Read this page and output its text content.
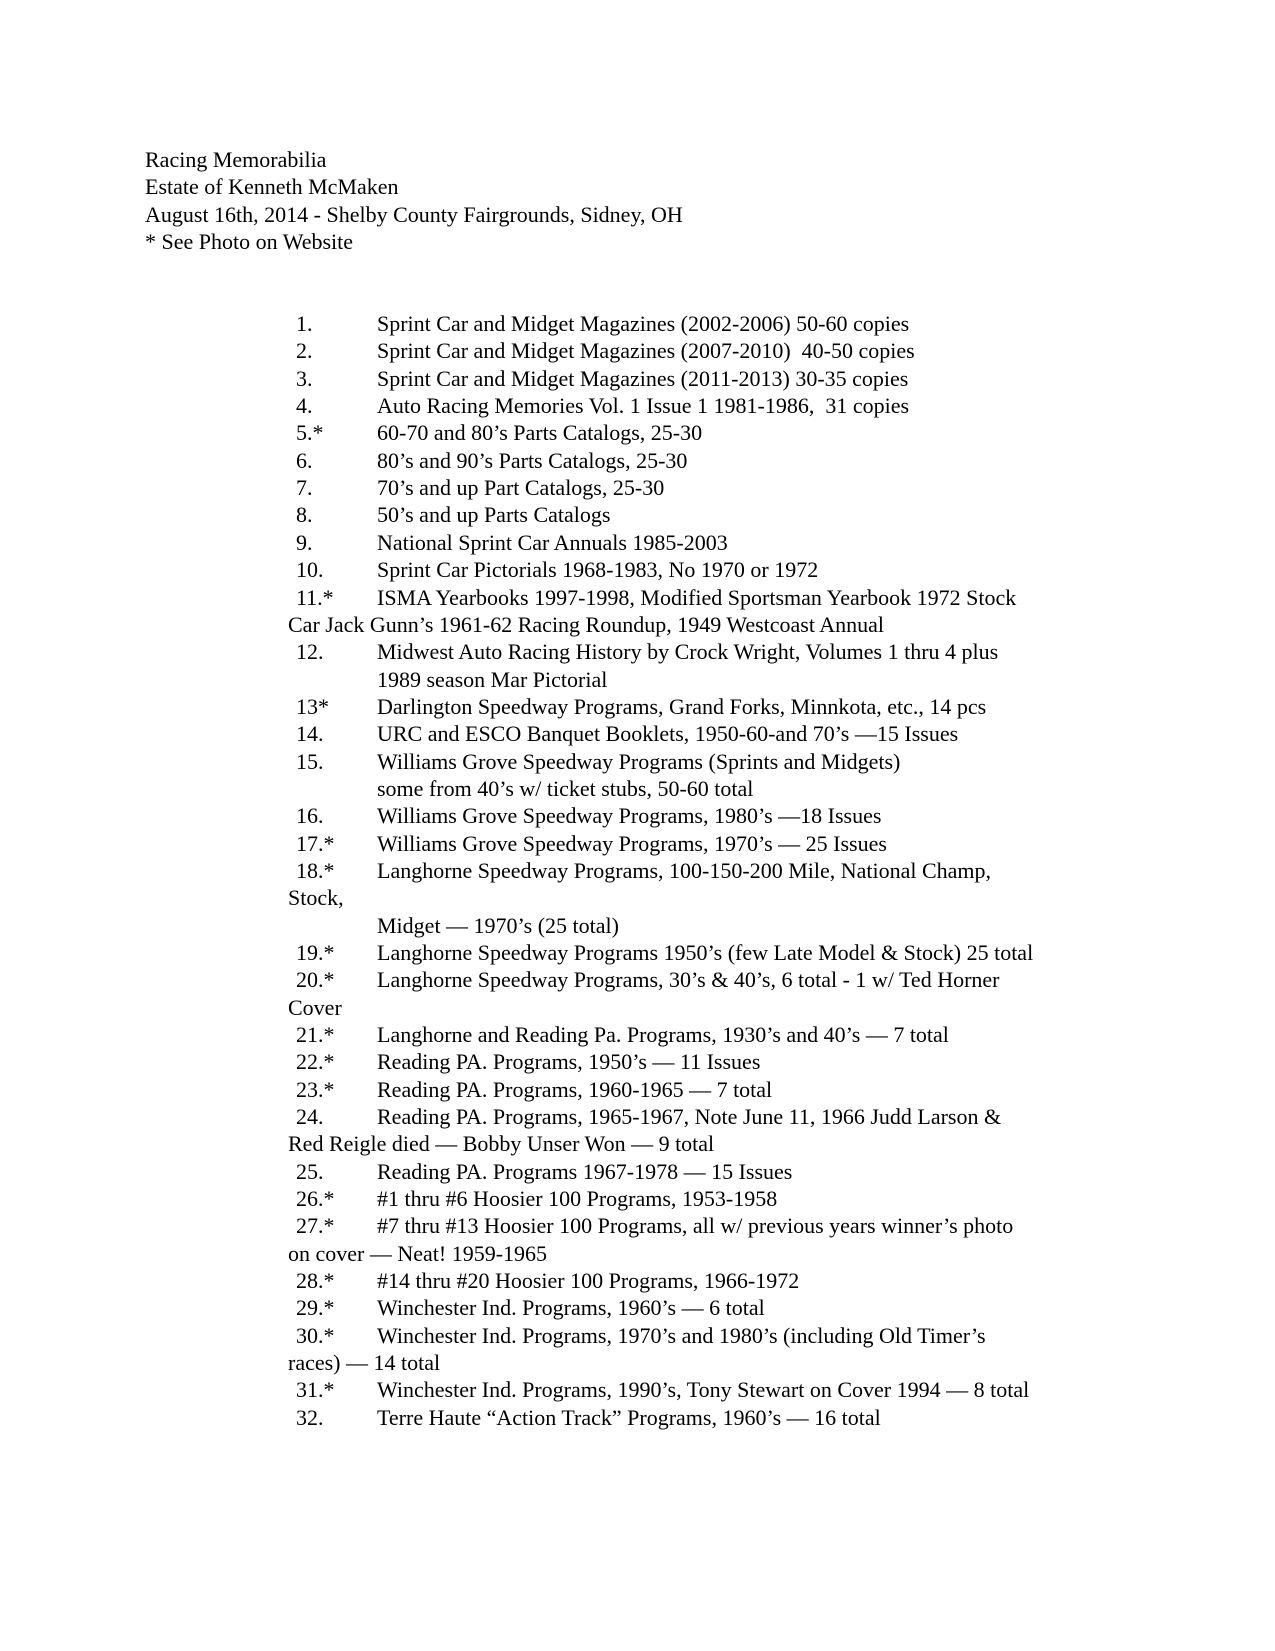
Racing Memorabilia
Estate of Kenneth McMaken
August 16th, 2014 - Shelby County Fairgrounds, Sidney, OH
* See Photo on Website
1.	Sprint Car and Midget Magazines (2002-2006) 50-60 copies
2.	Sprint Car and Midget Magazines (2007-2010)  40-50 copies
3.	Sprint Car and Midget Magazines (2011-2013) 30-35 copies
4.	Auto Racing Memories Vol. 1 Issue 1 1981-1986,  31 copies
5.* 60-70 and 80’s Parts Catalogs, 25-30
6.	80’s and 90’s Parts Catalogs, 25-30
7.	70’s and up Part Catalogs, 25-30
8.	50’s and up Parts Catalogs
9.	National Sprint Car Annuals 1985-2003
10. Sprint Car Pictorials 1968-1983, No 1970 or 1972
11.* ISMA Yearbooks 1997-1998, Modified Sportsman Yearbook 1972 Stock
Car Jack Gunn’s 1961-62 Racing Roundup, 1949 Westcoast Annual
12. Midwest Auto Racing History by Crock Wright, Volumes 1 thru 4 plus
1989 season Mar Pictorial
13* Darlington Speedway Programs, Grand Forks, Minnkota, etc., 14 pcs
14. URC and ESCO Banquet Booklets, 1950-60-and 70’s —15 Issues
15. Williams Grove Speedway Programs (Sprints and Midgets)
some from 40’s w/ ticket stubs, 50-60 total
16. Williams Grove Speedway Programs, 1980’s —18 Issues
17.* Williams Grove Speedway Programs, 1970’s — 25 Issues
18.* Langhorne Speedway Programs, 100-150-200 Mile, National Champ,
Stock,
Midget — 1970’s (25 total)
19.* Langhorne Speedway Programs 1950’s (few Late Model & Stock) 25 total
20.* Langhorne Speedway Programs, 30’s & 40’s, 6 total - 1 w/ Ted Horner
Cover
21.* Langhorne and Reading Pa. Programs, 1930’s and 40’s — 7 total
22.* Reading PA. Programs, 1950’s — 11 Issues
23.* Reading PA. Programs, 1960-1965 — 7 total
24. Reading PA. Programs, 1965-1967, Note June 11, 1966 Judd Larson &
Red Reigle died — Bobby Unser Won — 9 total
25. Reading PA. Programs 1967-1978 — 15 Issues
26.* #1 thru #6 Hoosier 100 Programs, 1953-1958
27.* #7 thru #13 Hoosier 100 Programs, all w/ previous years winner’s photo
on cover — Neat! 1959-1965
28.* #14 thru #20 Hoosier 100 Programs, 1966-1972
29.* Winchester Ind. Programs, 1960’s — 6 total
30.* Winchester Ind. Programs, 1970’s and 1980’s (including Old Timer’s
races) — 14 total
31.* Winchester Ind. Programs, 1990’s, Tony Stewart on Cover 1994 — 8 total
32. Terre Haute “Action Track” Programs, 1960’s — 16 total
